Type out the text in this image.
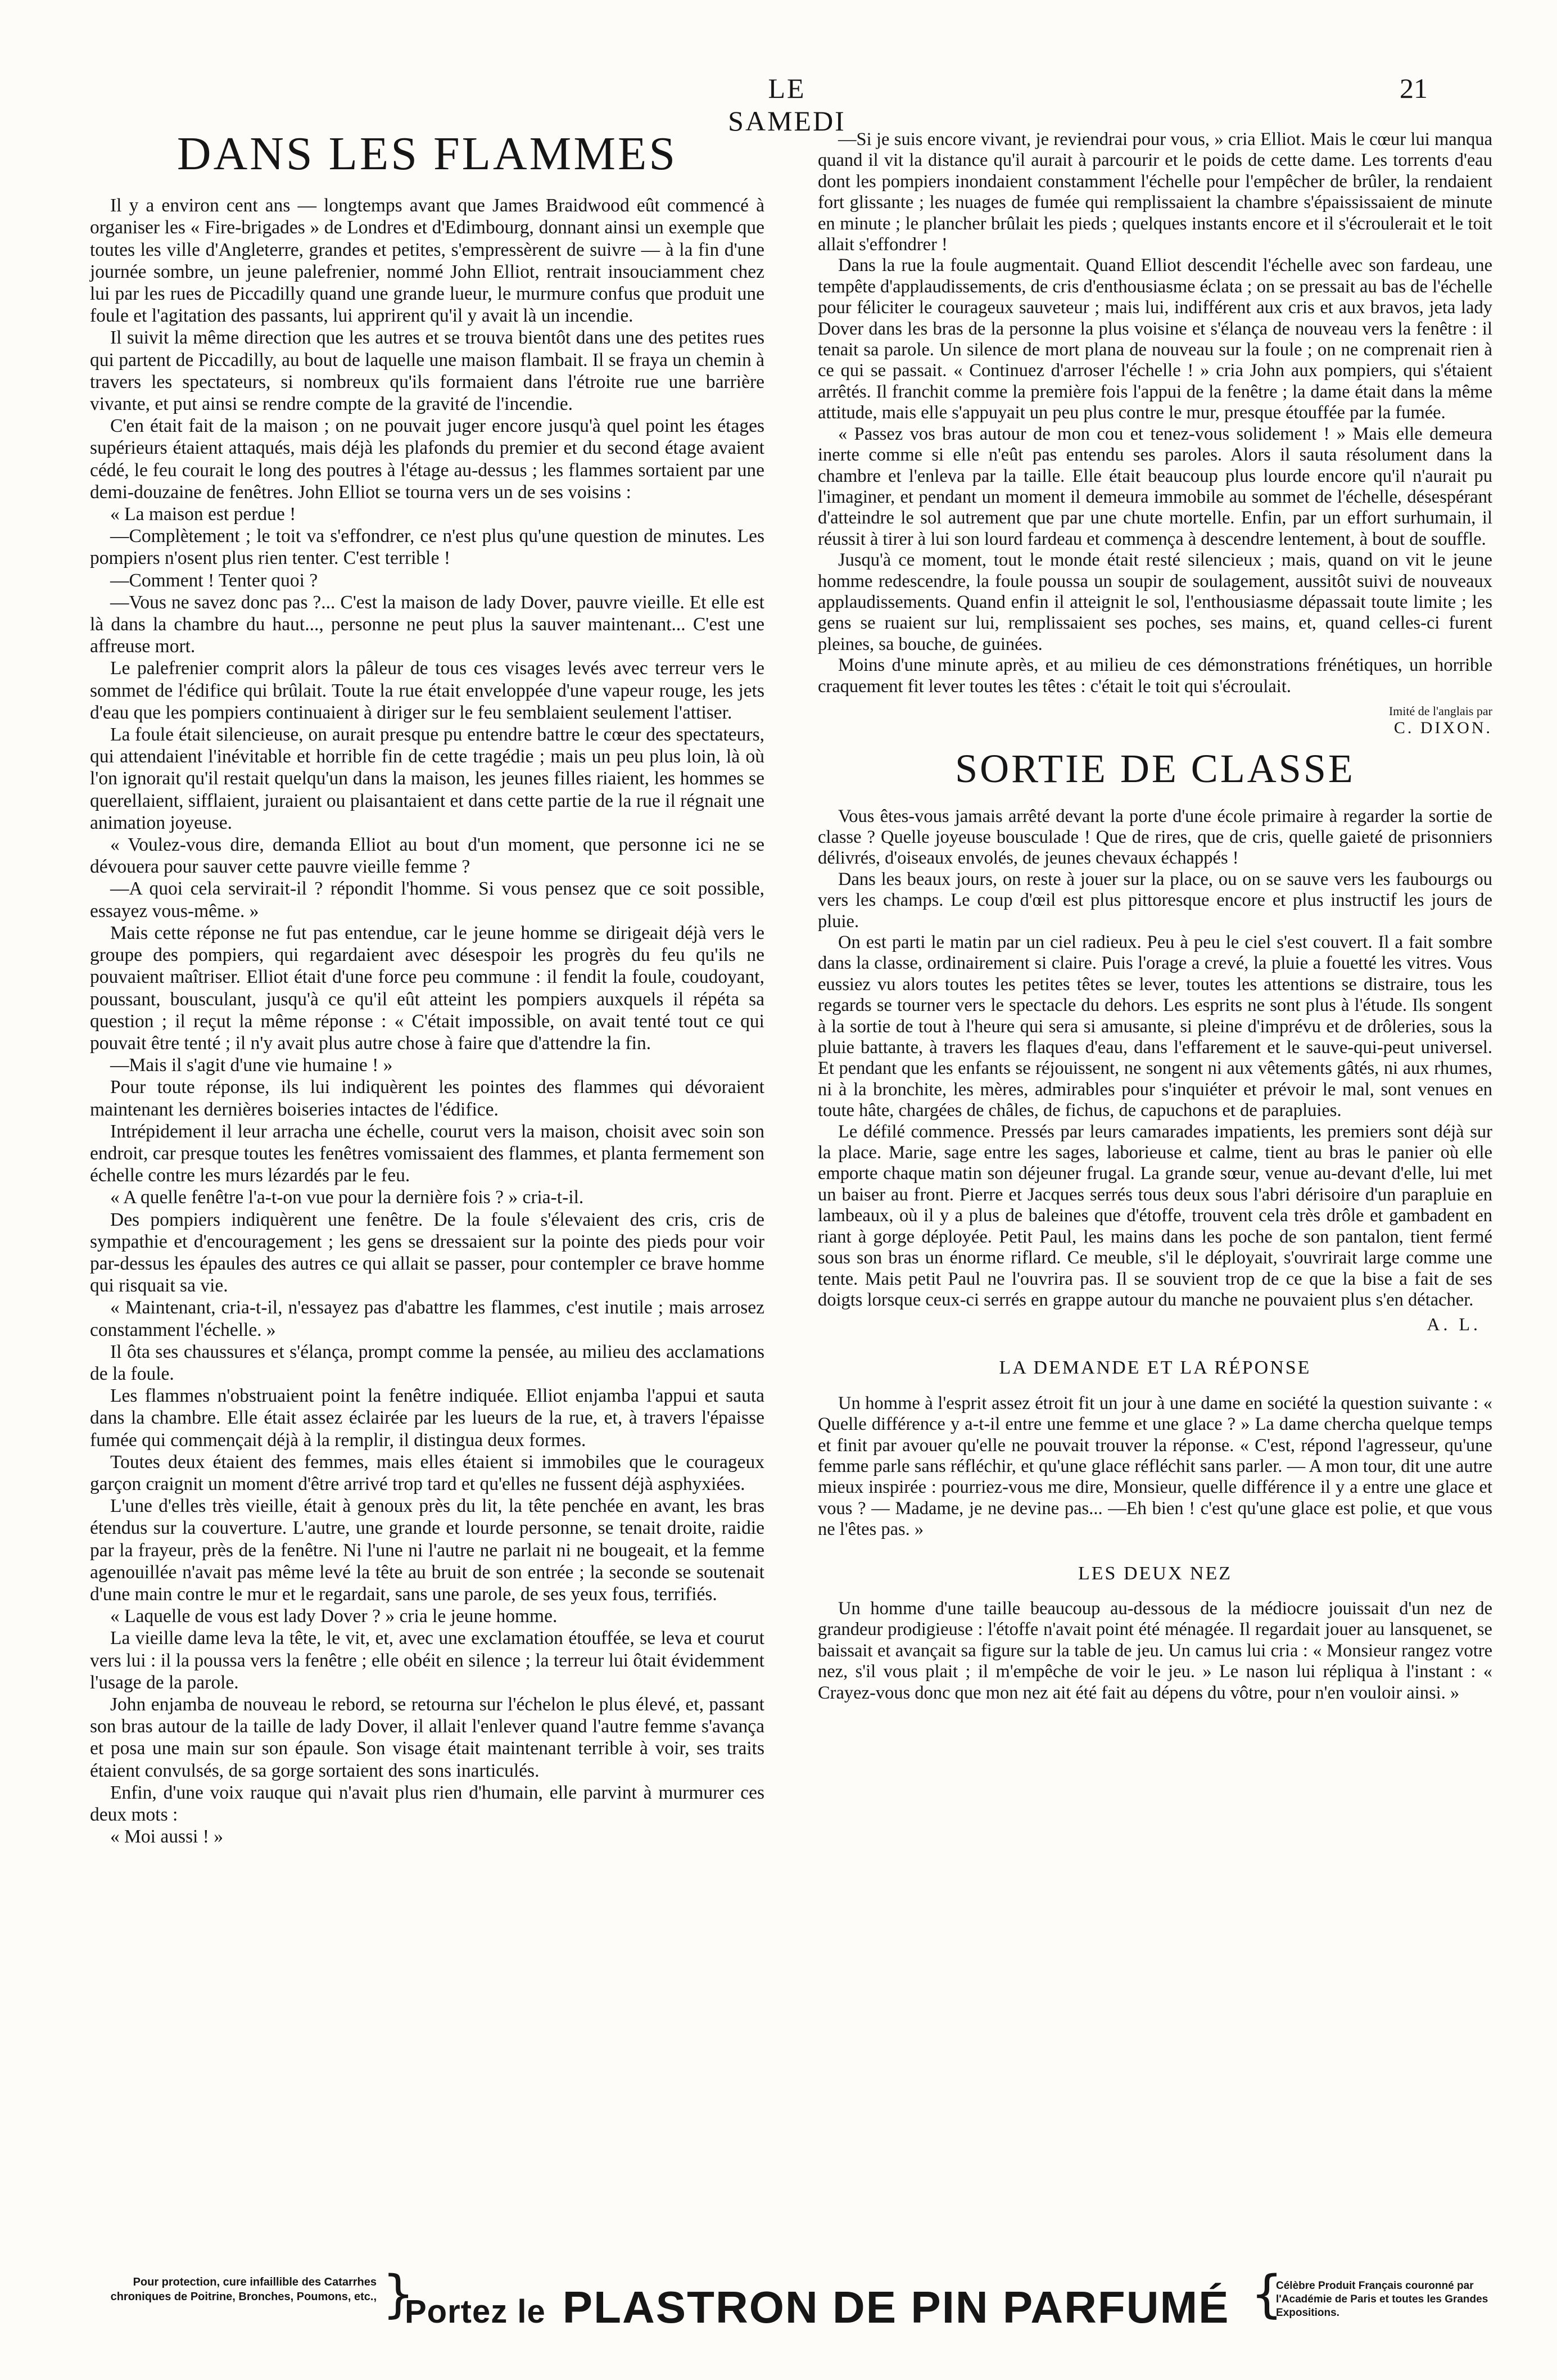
LE SAMEDI
21
DANS LES FLAMMES

Il y a environ cent ans — longtemps avant que James Braidwood eût commencé à organiser les « Fire-brigades » de Londres et d'Edimbourg, donnant ainsi un exemple que toutes les ville d'Angleterre, grandes et petites, s'empressèrent de suivre — à la fin d'une journée sombre, un jeune palefrenier, nommé John Elliot, rentrait insouciamment chez lui par les rues de Piccadilly quand une grande lueur, le murmure confus que produit une foule et l'agitation des passants, lui apprirent qu'il y avait là un incendie.

Il suivit la même direction que les autres et se trouva bientôt dans une des petites rues qui partent de Piccadilly, au bout de laquelle une maison flambait. Il se fraya un chemin à travers les spectateurs, si nombreux qu'ils formaient dans l'étroite rue une barrière vivante, et put ainsi se rendre compte de la gravité de l'incendie.

C'en était fait de la maison ; on ne pouvait juger encore jusqu'à quel point les étages supérieurs étaient attaqués, mais déjà les plafonds du premier et du second étage avaient cédé, le feu courait le long des poutres à l'étage au-dessus ; les flammes sortaient par une demi-douzaine de fenêtres. John Elliot se tourna vers un de ses voisins :

« La maison est perdue !

—Complètement ; le toit va s'effondrer, ce n'est plus qu'une question de minutes. Les pompiers n'osent plus rien tenter. C'est terrible !

—Comment ! Tenter quoi ?

—Vous ne savez donc pas ?... C'est la maison de lady Dover, pauvre vieille. Et elle est là dans la chambre du haut..., personne ne peut plus la sauver maintenant... C'est une affreuse mort.

Le palefrenier comprit alors la pâleur de tous ces visages levés avec terreur vers le sommet de l'édifice qui brûlait. Toute la rue était enveloppée d'une vapeur rouge, les jets d'eau que les pompiers continuaient à diriger sur le feu semblaient seulement l'attiser.

La foule était silencieuse, on aurait presque pu entendre battre le cœur des spectateurs, qui attendaient l'inévitable et horrible fin de cette tragédie ; mais un peu plus loin, là où l'on ignorait qu'il restait quelqu'un dans la maison, les jeunes filles riaient, les hommes se querellaient, sifflaient, juraient ou plaisantaient et dans cette partie de la rue il régnait une animation joyeuse.

« Voulez-vous dire, demanda Elliot au bout d'un moment, que personne ici ne se dévouera pour sauver cette pauvre vieille femme ?

—A quoi cela servirait-il ? répondit l'homme. Si vous pensez que ce soit possible, essayez vous-même. »

Mais cette réponse ne fut pas entendue, car le jeune homme se dirigeait déjà vers le groupe des pompiers, qui regardaient avec désespoir les progrès du feu qu'ils ne pouvaient maîtriser. Elliot était d'une force peu commune : il fendit la foule, coudoyant, poussant, bousculant, jusqu'à ce qu'il eût atteint les pompiers auxquels il répéta sa question ; il reçut la même réponse : « C'était impossible, on avait tenté tout ce qui pouvait être tenté ; il n'y avait plus autre chose à faire que d'attendre la fin.

—Mais il s'agit d'une vie humaine ! »

Pour toute réponse, ils lui indiquèrent les pointes des flammes qui dévoraient maintenant les dernières boiseries intactes de l'édifice.

Intrépidement il leur arracha une échelle, courut vers la maison, choisit avec soin son endroit, car presque toutes les fenêtres vomissaient des flammes, et planta fermement son échelle contre les murs lézardés par le feu.

« A quelle fenêtre l'a-t-on vue pour la dernière fois ? » cria-t-il.

Des pompiers indiquèrent une fenêtre. De la foule s'élevaient des cris, cris de sympathie et d'encouragement ; les gens se dressaient sur la pointe des pieds pour voir par-dessus les épaules des autres ce qui allait se passer, pour contempler ce brave homme qui risquait sa vie.

« Maintenant, cria-t-il, n'essayez pas d'abattre les flammes, c'est inutile ; mais arrosez constamment l'échelle. »

Il ôta ses chaussures et s'élança, prompt comme la pensée, au milieu des acclamations de la foule.

Les flammes n'obstruaient point la fenêtre indiquée. Elliot enjamba l'appui et sauta dans la chambre. Elle était assez éclairée par les lueurs de la rue, et, à travers l'épaisse fumée qui commençait déjà à la remplir, il distingua deux formes.

Toutes deux étaient des femmes, mais elles étaient si immobiles que le courageux garçon craignit un moment d'être arrivé trop tard et qu'elles ne fussent déjà asphyxiées.

L'une d'elles très vieille, était à genoux près du lit, la tête penchée en avant, les bras étendus sur la couverture. L'autre, une grande et lourde personne, se tenait droite, raidie par la frayeur, près de la fenêtre. Ni l'une ni l'autre ne parlait ni ne bougeait, et la femme agenouillée n'avait pas même levé la tête au bruit de son entrée ; la seconde se soutenait d'une main contre le mur et le regardait, sans une parole, de ses yeux fous, terrifiés.

« Laquelle de vous est lady Dover ? » cria le jeune homme.

La vieille dame leva la tête, le vit, et, avec une exclamation étouffée, se leva et courut vers lui : il la poussa vers la fenêtre ; elle obéit en silence ; la terreur lui ôtait évidemment l'usage de la parole.

John enjamba de nouveau le rebord, se retourna sur l'échelon le plus élevé, et, passant son bras autour de la taille de lady Dover, il allait l'enlever quand l'autre femme s'avança et posa une main sur son épaule. Son visage était maintenant terrible à voir, ses traits étaient convulsés, de sa gorge sortaient des sons inarticulés.

Enfin, d'une voix rauque qui n'avait plus rien d'humain, elle parvint à murmurer ces deux mots :

« Moi aussi ! »

—Si je suis encore vivant, je reviendrai pour vous, » cria Elliot. Mais le cœur lui manqua quand il vit la distance qu'il aurait à parcourir et le poids de cette dame. Les torrents d'eau dont les pompiers inondaient constamment l'échelle pour l'empêcher de brûler, la rendaient fort glissante ; les nuages de fumée qui remplissaient la chambre s'épaississaient de minute en minute ; le plancher brûlait les pieds ; quelques instants encore et il s'écroulerait et le toit allait s'effondrer !

Dans la rue la foule augmentait. Quand Elliot descendit l'échelle avec son fardeau, une tempête d'applaudissements, de cris d'enthousiasme éclata ; on se pressait au bas de l'échelle pour féliciter le courageux sauveteur ; mais lui, indifférent aux cris et aux bravos, jeta lady Dover dans les bras de la personne la plus voisine et s'élança de nouveau vers la fenêtre : il tenait sa parole. Un silence de mort plana de nouveau sur la foule ; on ne comprenait rien à ce qui se passait. « Continuez d'arroser l'échelle ! » cria John aux pompiers, qui s'étaient arrêtés. Il franchit comme la première fois l'appui de la fenêtre ; la dame était dans la même attitude, mais elle s'appuyait un peu plus contre le mur, presque étouffée par la fumée.

« Passez vos bras autour de mon cou et tenez-vous solidement ! » Mais elle demeura inerte comme si elle n'eût pas entendu ses paroles. Alors il sauta résolument dans la chambre et l'enleva par la taille. Elle était beaucoup plus lourde encore qu'il n'aurait pu l'imaginer, et pendant un moment il demeura immobile au sommet de l'échelle, désespérant d'atteindre le sol autrement que par une chute mortelle. Enfin, par un effort surhumain, il réussit à tirer à lui son lourd fardeau et commença à descendre lentement, à bout de souffle.

Jusqu'à ce moment, tout le monde était resté silencieux ; mais, quand on vit le jeune homme redescendre, la foule poussa un soupir de soulagement, aussitôt suivi de nouveaux applaudissements. Quand enfin il atteignit le sol, l'enthousiasme dépassait toute limite ; les gens se ruaient sur lui, remplissaient ses poches, ses mains, et, quand celles-ci furent pleines, sa bouche, de guinées.

Moins d'une minute après, et au milieu de ces démonstrations frénétiques, un horrible craquement fit lever toutes les têtes : c'était le toit qui s'écroulait.

Imité de l'anglais par
C. DIXON.
SORTIE DE CLASSE

Vous êtes-vous jamais arrêté devant la porte d'une école primaire à regarder la sortie de classe ? Quelle joyeuse bousculade ! Que de rires, que de cris, quelle gaieté de prisonniers délivrés, d'oiseaux envolés, de jeunes chevaux échappés !

Dans les beaux jours, on reste à jouer sur la place, ou on se sauve vers les faubourgs ou vers les champs. Le coup d'œil est plus pittoresque encore et plus instructif les jours de pluie.

On est parti le matin par un ciel radieux. Peu à peu le ciel s'est couvert. Il a fait sombre dans la classe, ordinairement si claire. Puis l'orage a crevé, la pluie a fouetté les vitres. Vous eussiez vu alors toutes les petites têtes se lever, toutes les attentions se distraire, tous les regards se tourner vers le spectacle du dehors. Les esprits ne sont plus à l'étude. Ils songent à la sortie de tout à l'heure qui sera si amusante, si pleine d'imprévu et de drôleries, sous la pluie battante, à travers les flaques d'eau, dans l'effarement et le sauve-qui-peut universel. Et pendant que les enfants se réjouissent, ne songent ni aux vêtements gâtés, ni aux rhumes, ni à la bronchite, les mères, admirables pour s'inquiéter et prévoir le mal, sont venues en toute hâte, chargées de châles, de fichus, de capuchons et de parapluies.

Le défilé commence. Pressés par leurs camarades impatients, les premiers sont déjà sur la place. Marie, sage entre les sages, laborieuse et calme, tient au bras le panier où elle emporte chaque matin son déjeuner frugal. La grande sœur, venue au-devant d'elle, lui met un baiser au front. Pierre et Jacques serrés tous deux sous l'abri dérisoire d'un parapluie en lambeaux, où il y a plus de baleines que d'étoffe, trouvent cela très drôle et gambadent en riant à gorge déployée. Petit Paul, les mains dans les poche de son pantalon, tient fermé sous son bras un énorme riflard. Ce meuble, s'il le déployait, s'ouvrirait large comme une tente. Mais petit Paul ne l'ouvrira pas. Il se souvient trop de ce que la bise a fait de ses doigts lorsque ceux-ci serrés en grappe autour du manche ne pouvaient plus s'en détacher.

A. L.
LA DEMANDE ET LA RÉPONSE

Un homme à l'esprit assez étroit fit un jour à une dame en société la question suivante : « Quelle différence y a-t-il entre une femme et une glace ? » La dame chercha quelque temps et finit par avouer qu'elle ne pouvait trouver la réponse. « C'est, répond l'agresseur, qu'une femme parle sans réfléchir, et qu'une glace réfléchit sans parler. — A mon tour, dit une autre mieux inspirée : pourriez-vous me dire, Monsieur, quelle différence il y a entre une glace et vous ? — Madame, je ne devine pas... —Eh bien ! c'est qu'une glace est polie, et que vous ne l'êtes pas. »

LES DEUX NEZ

Un homme d'une taille beaucoup au-dessous de la médiocre jouissait d'un nez de grandeur prodigieuse : l'étoffe n'avait point été ménagée. Il regardait jouer au lansquenet, se baissait et avançait sa figure sur la table de jeu. Un camus lui cria : « Monsieur rangez votre nez, s'il vous plait ; il m'empêche de voir le jeu. » Le nason lui répliqua à l'instant : « Crayez-vous donc que mon nez ait été fait au dépens du vôtre, pour n'en vouloir ainsi. »

Pour protection, cure infaillible des Catarrhes chroniques de Poitrine, Bronches, Poumons, etc., }
Portez le PLASTRON DE PIN PARFUMÉ {
Célèbre Produit Français couronné par l'Académie de Paris et toutes les Grandes Expositions.
